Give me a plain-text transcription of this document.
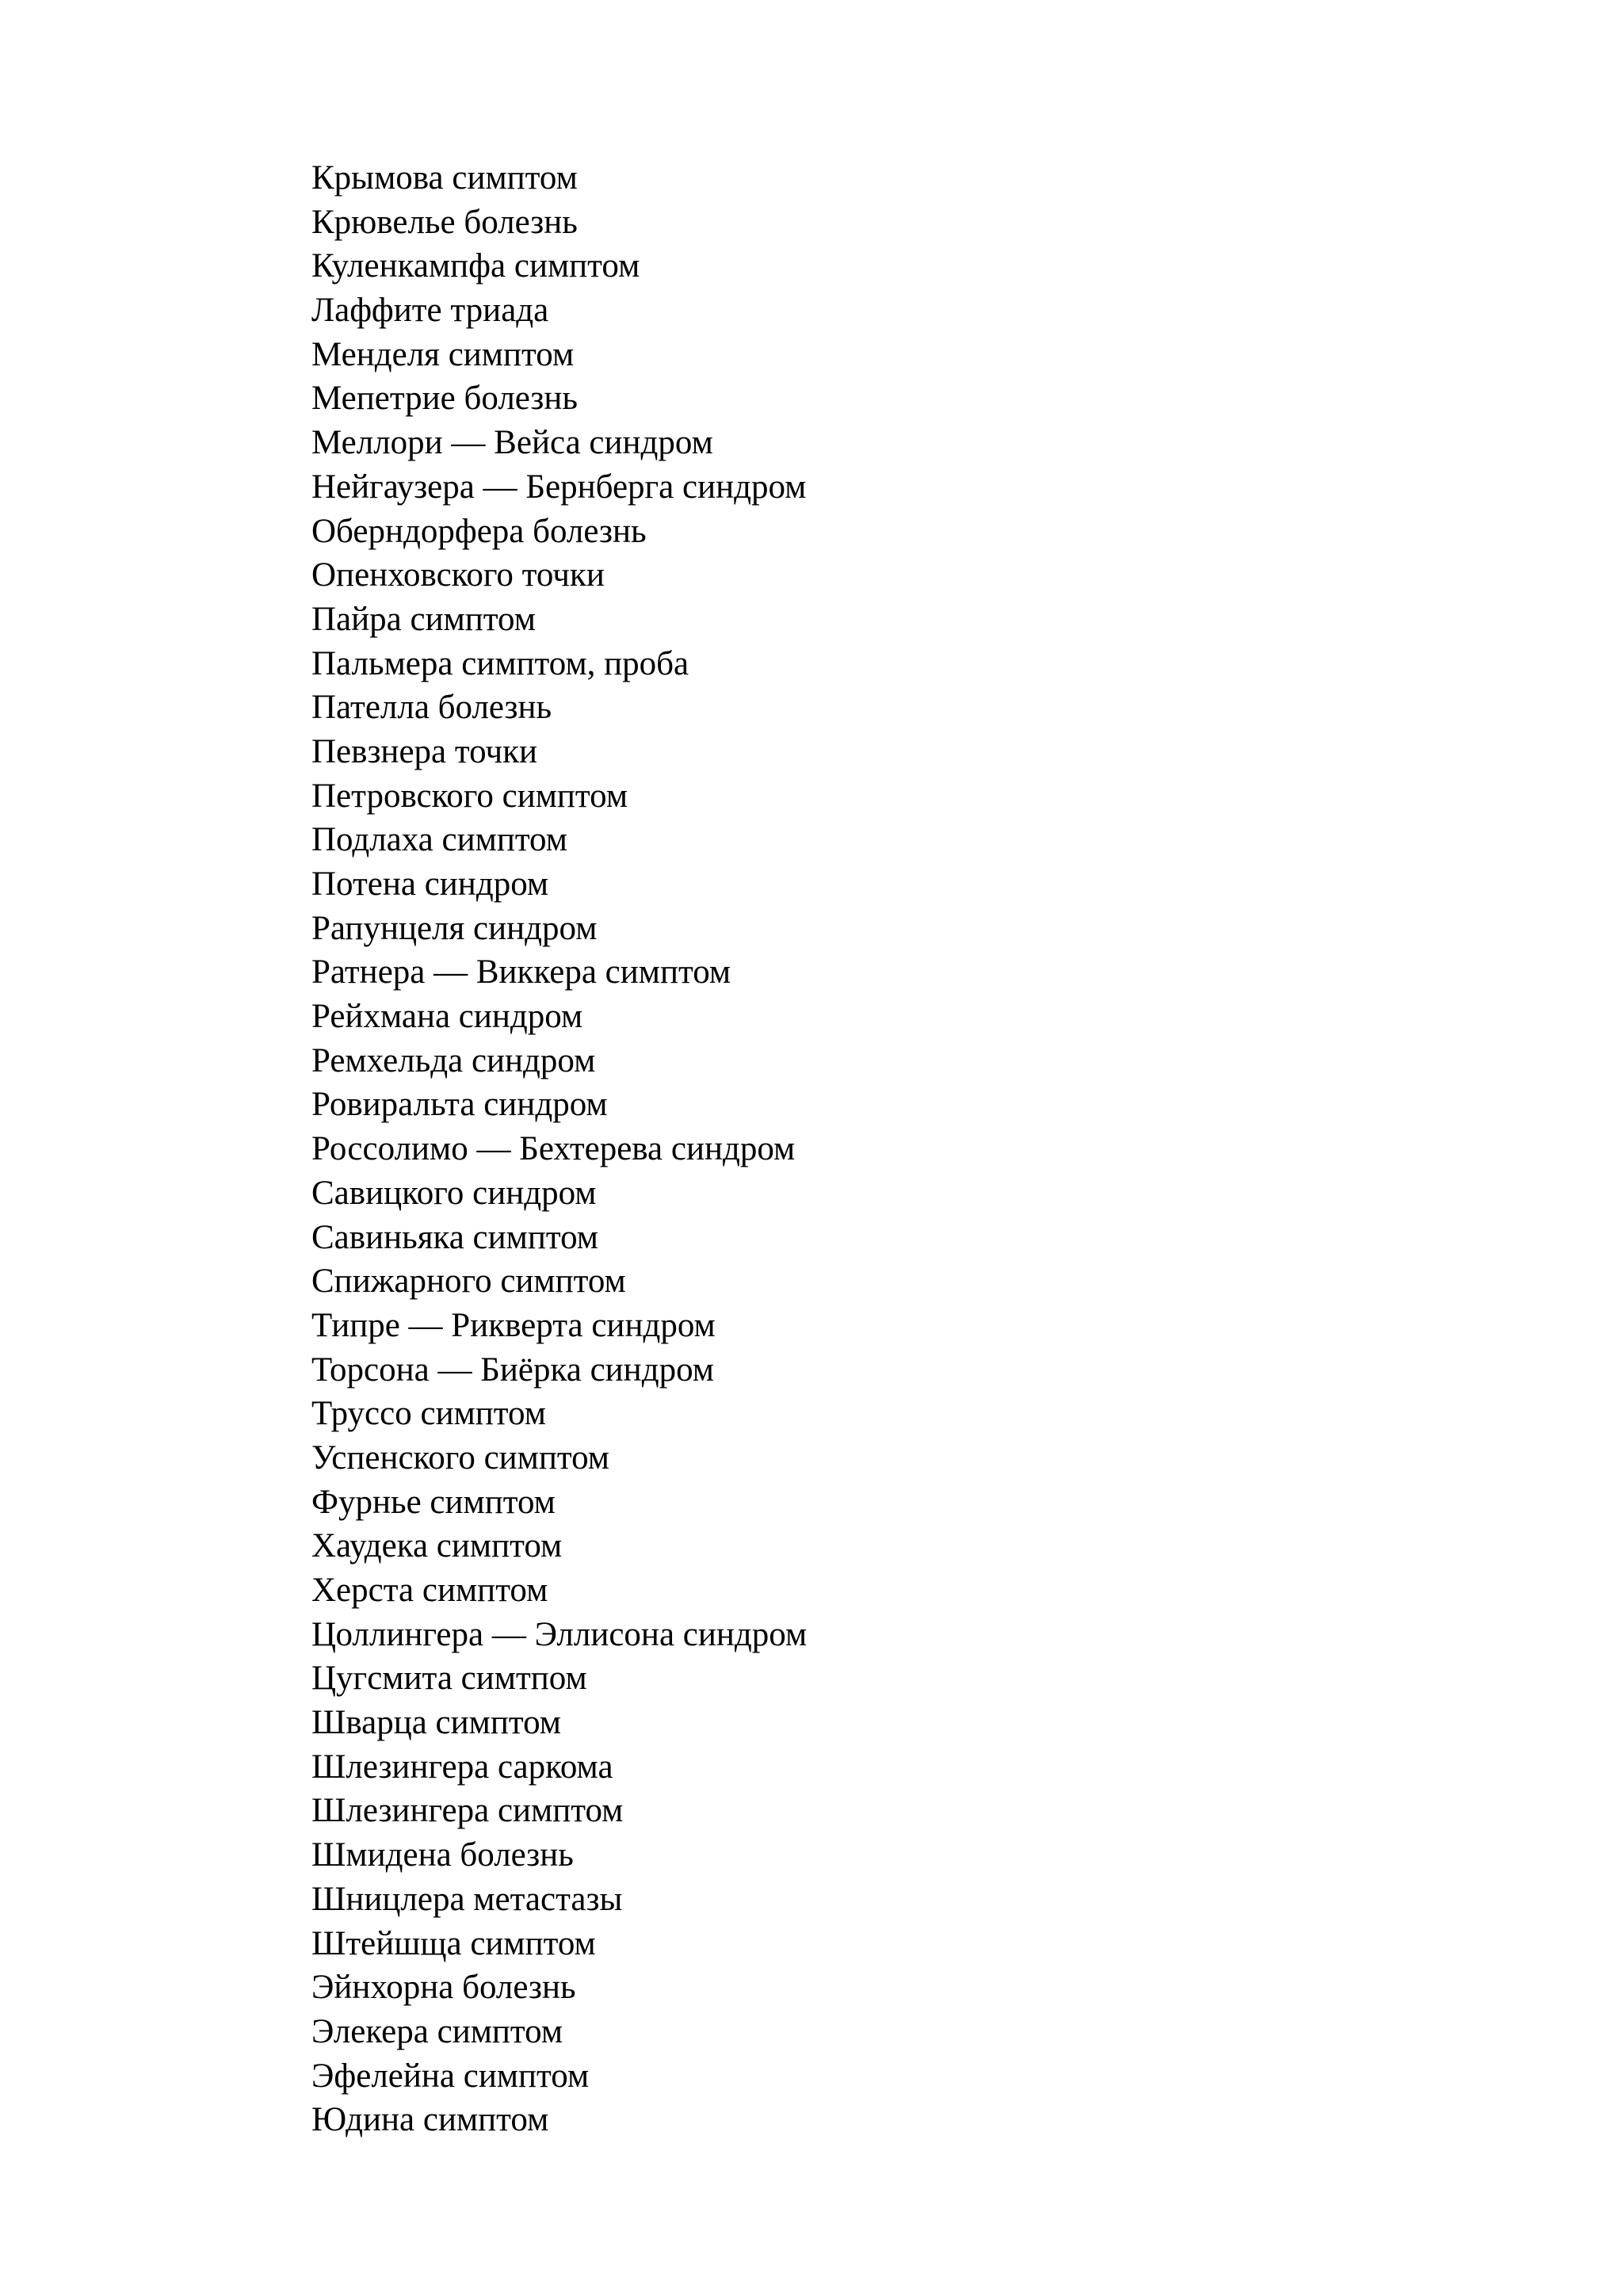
Крымова симптом
Крювелье болезнь
Куленкампфа симптом
Лаффите триада
Менделя симптом
Мепетрие болезнь
Меллори — Вейса синдром
Нейгаузера — Бернберга синдром
Оберндорфера болезнь
Опенховского точки
Пайра симптом
Пальмера симптом, проба
Пателла болезнь
Певзнера точки
Петровского симптом
Подлаха симптом
Потена синдром
Рапунцеля синдром
Ратнера — Виккера симптом
Рейхмана синдром
Ремхельда синдром
Ровиральта синдром
Россолимо — Бехтерева синдром
Савицкого синдром
Савиньяка симптом
Спижарного симптом
Типре — Рикверта синдром
Торсона — Биёрка синдром
Труссо симптом
Успенского симптом
Фурнье симптом
Хаудека симптом
Херста симптом
Цоллингера — Эллисона синдром
Цугсмита симтпом
Шварца симптом
Шлезингера саркома
Шлезингера симптом
Шмидена болезнь
Шницлера метастазы
Штейшща симптом
Эйнхорна болезнь
Элекера симптом
Эфелейна симптом
Юдина симптом
